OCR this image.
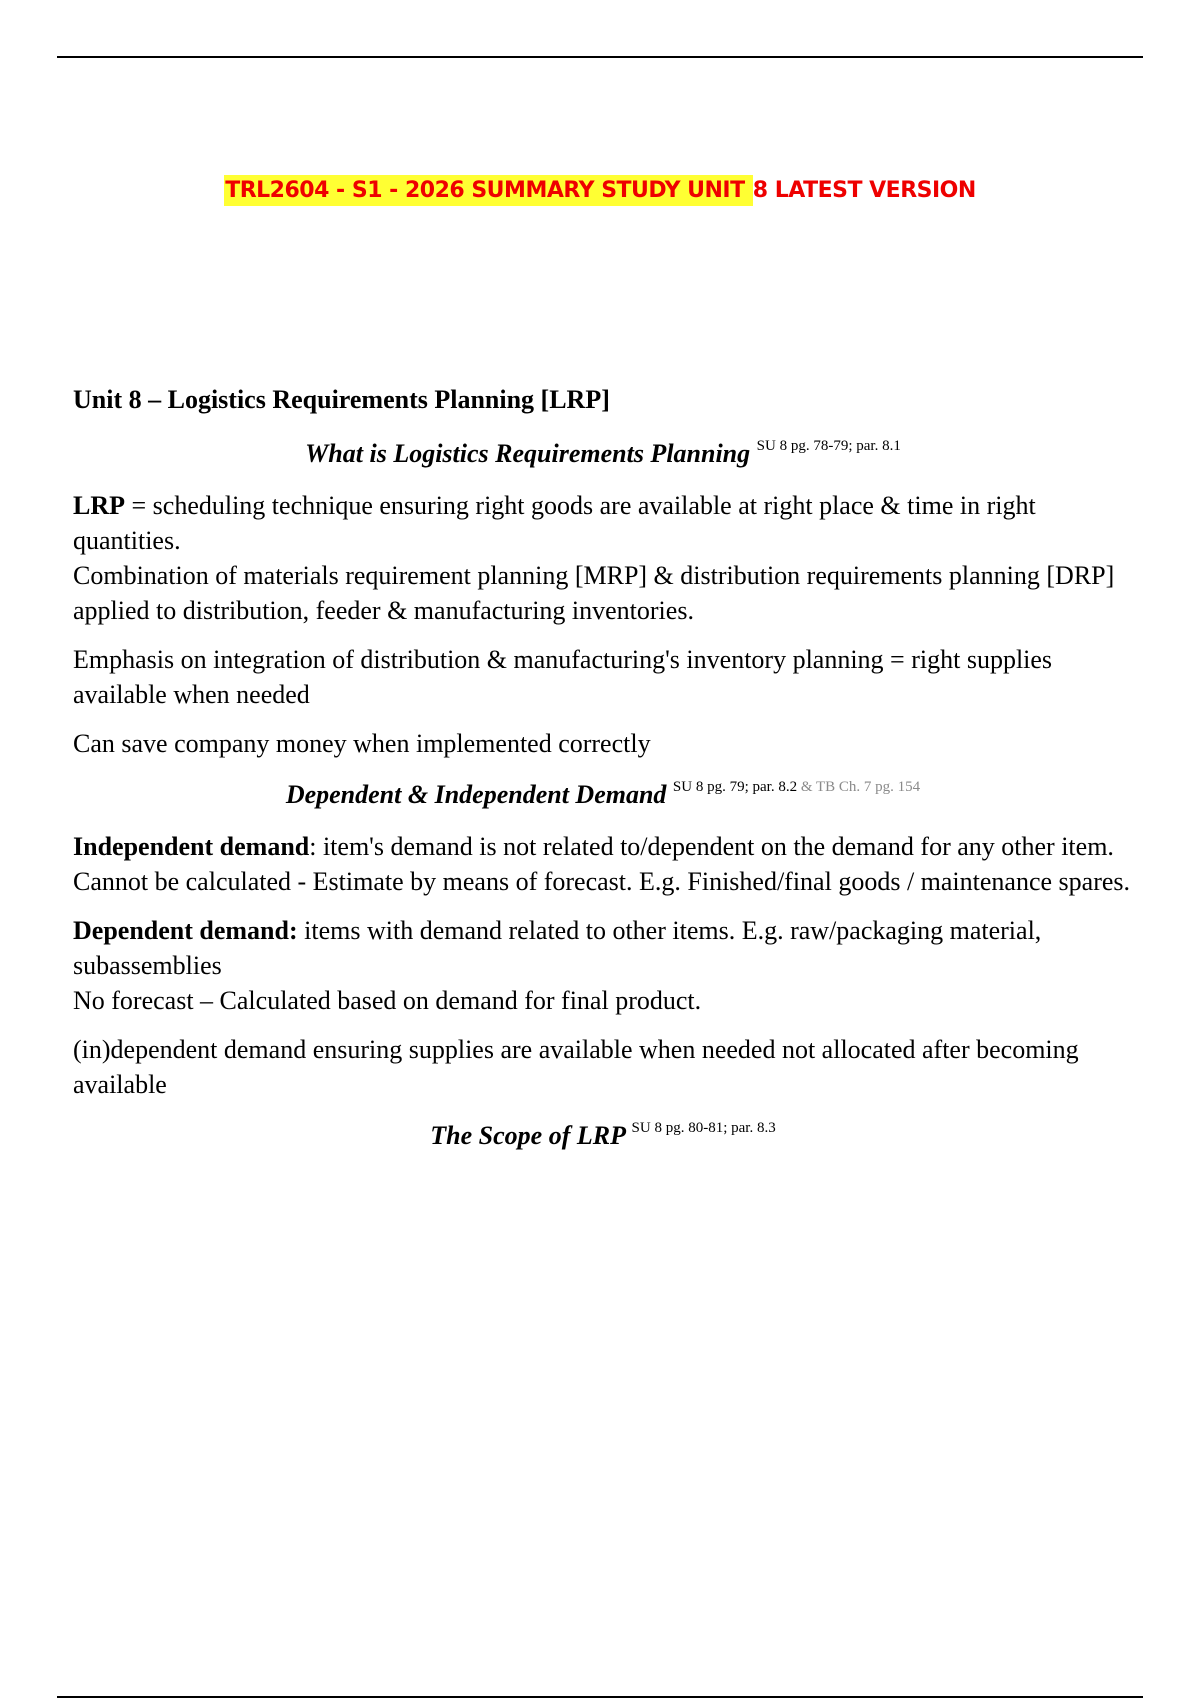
TRL2604 - S1 - 2026 SUMMARY STUDY UNIT 8 LATEST VERSION
Unit 8 – Logistics Requirements Planning [LRP]
What is Logistics Requirements Planning $^{SU 8 pg. 78-79; par. 8.1}$

LRP = scheduling technique ensuring right goods are available at right place & time in right quantities.

Combination of materials requirement planning [MRP] & distribution requirements planning [DRP] applied to distribution, feeder & manufacturing inventories.

Emphasis on integration of distribution & manufacturing's inventory planning = right supplies available when needed

Can save company money when implemented correctly

Dependent & Independent Demand $^{SU 8 pg. 79; par. 8.2 \& TB Ch. 7 pg. 154}$

Independent demand: item's demand is not related to/dependent on the demand for any other item.

Cannot be calculated - Estimate by means of forecast. E.g. Finished/final goods / maintenance spares.

Dependent demand: items with demand related to other items. E.g. raw/packaging material, subassemblies

No forecast – Calculated based on demand for final product.

(in)dependent demand ensuring supplies are available when needed not allocated after becoming available

The Scope of LRP $^{SU 8 pg. 80-81; par. 8.3}$
